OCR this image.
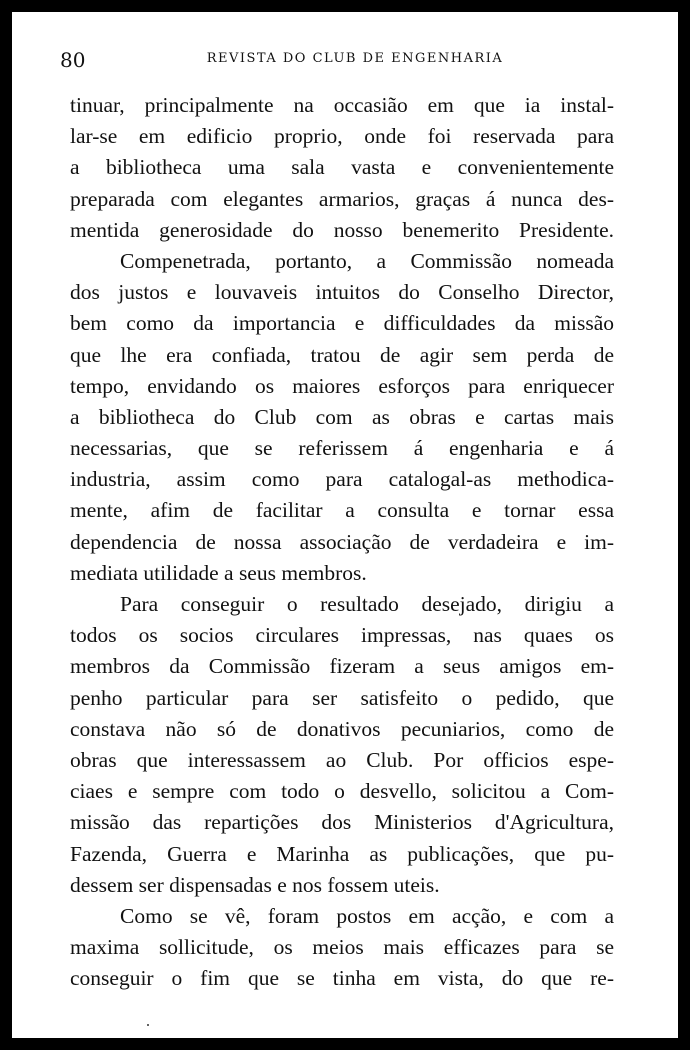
80	REVISTA DO CLUB DE ENGENHARIA
tinuar, principalmente na occasião em que ia instal-
lar-se em edificio proprio, onde foi reservada para
a bibliotheca uma sala vasta e convenientemente
preparada com elegantes armarios, graças á nunca des-
mentida generosidade do nosso benemerito Presidente.
Compenetrada, portanto, a Commissão nomeada
dos justos e louvaveis intuitos do Conselho Director,
bem como da importancia e difficuldades da missão
que lhe era confiada, tratou de agir sem perda de
tempo, envidando os maiores esforços para enriquecer
a bibliotheca do Club com as obras e cartas mais
necessarias, que se referissem á engenharia e á
industria, assim como para catalogal-as methodica-
mente, afim de facilitar a consulta e tornar essa
dependencia de nossa associação de verdadeira e im-
mediata utilidade a seus membros.
Para conseguir o resultado desejado, dirigiu a
todos os socios circulares impressas, nas quaes os
membros da Commissão fizeram a seus amigos em-
penho particular para ser satisfeito o pedido, que
constava não só de donativos pecuniarios, como de
obras que interessassem ao Club. Por officios espe-
ciaes e sempre com todo o desvello, solicitou a Com-
missão das repartições dos Ministerios d'Agricultura,
Fazenda, Guerra e Marinha as publicações, que pu-
dessem ser dispensadas e nos fossem uteis.
Como se vê, foram postos em acção, e com a
maxima sollicitude, os meios mais efficazes para se
conseguir o fim que se tinha em vista, do que re-
